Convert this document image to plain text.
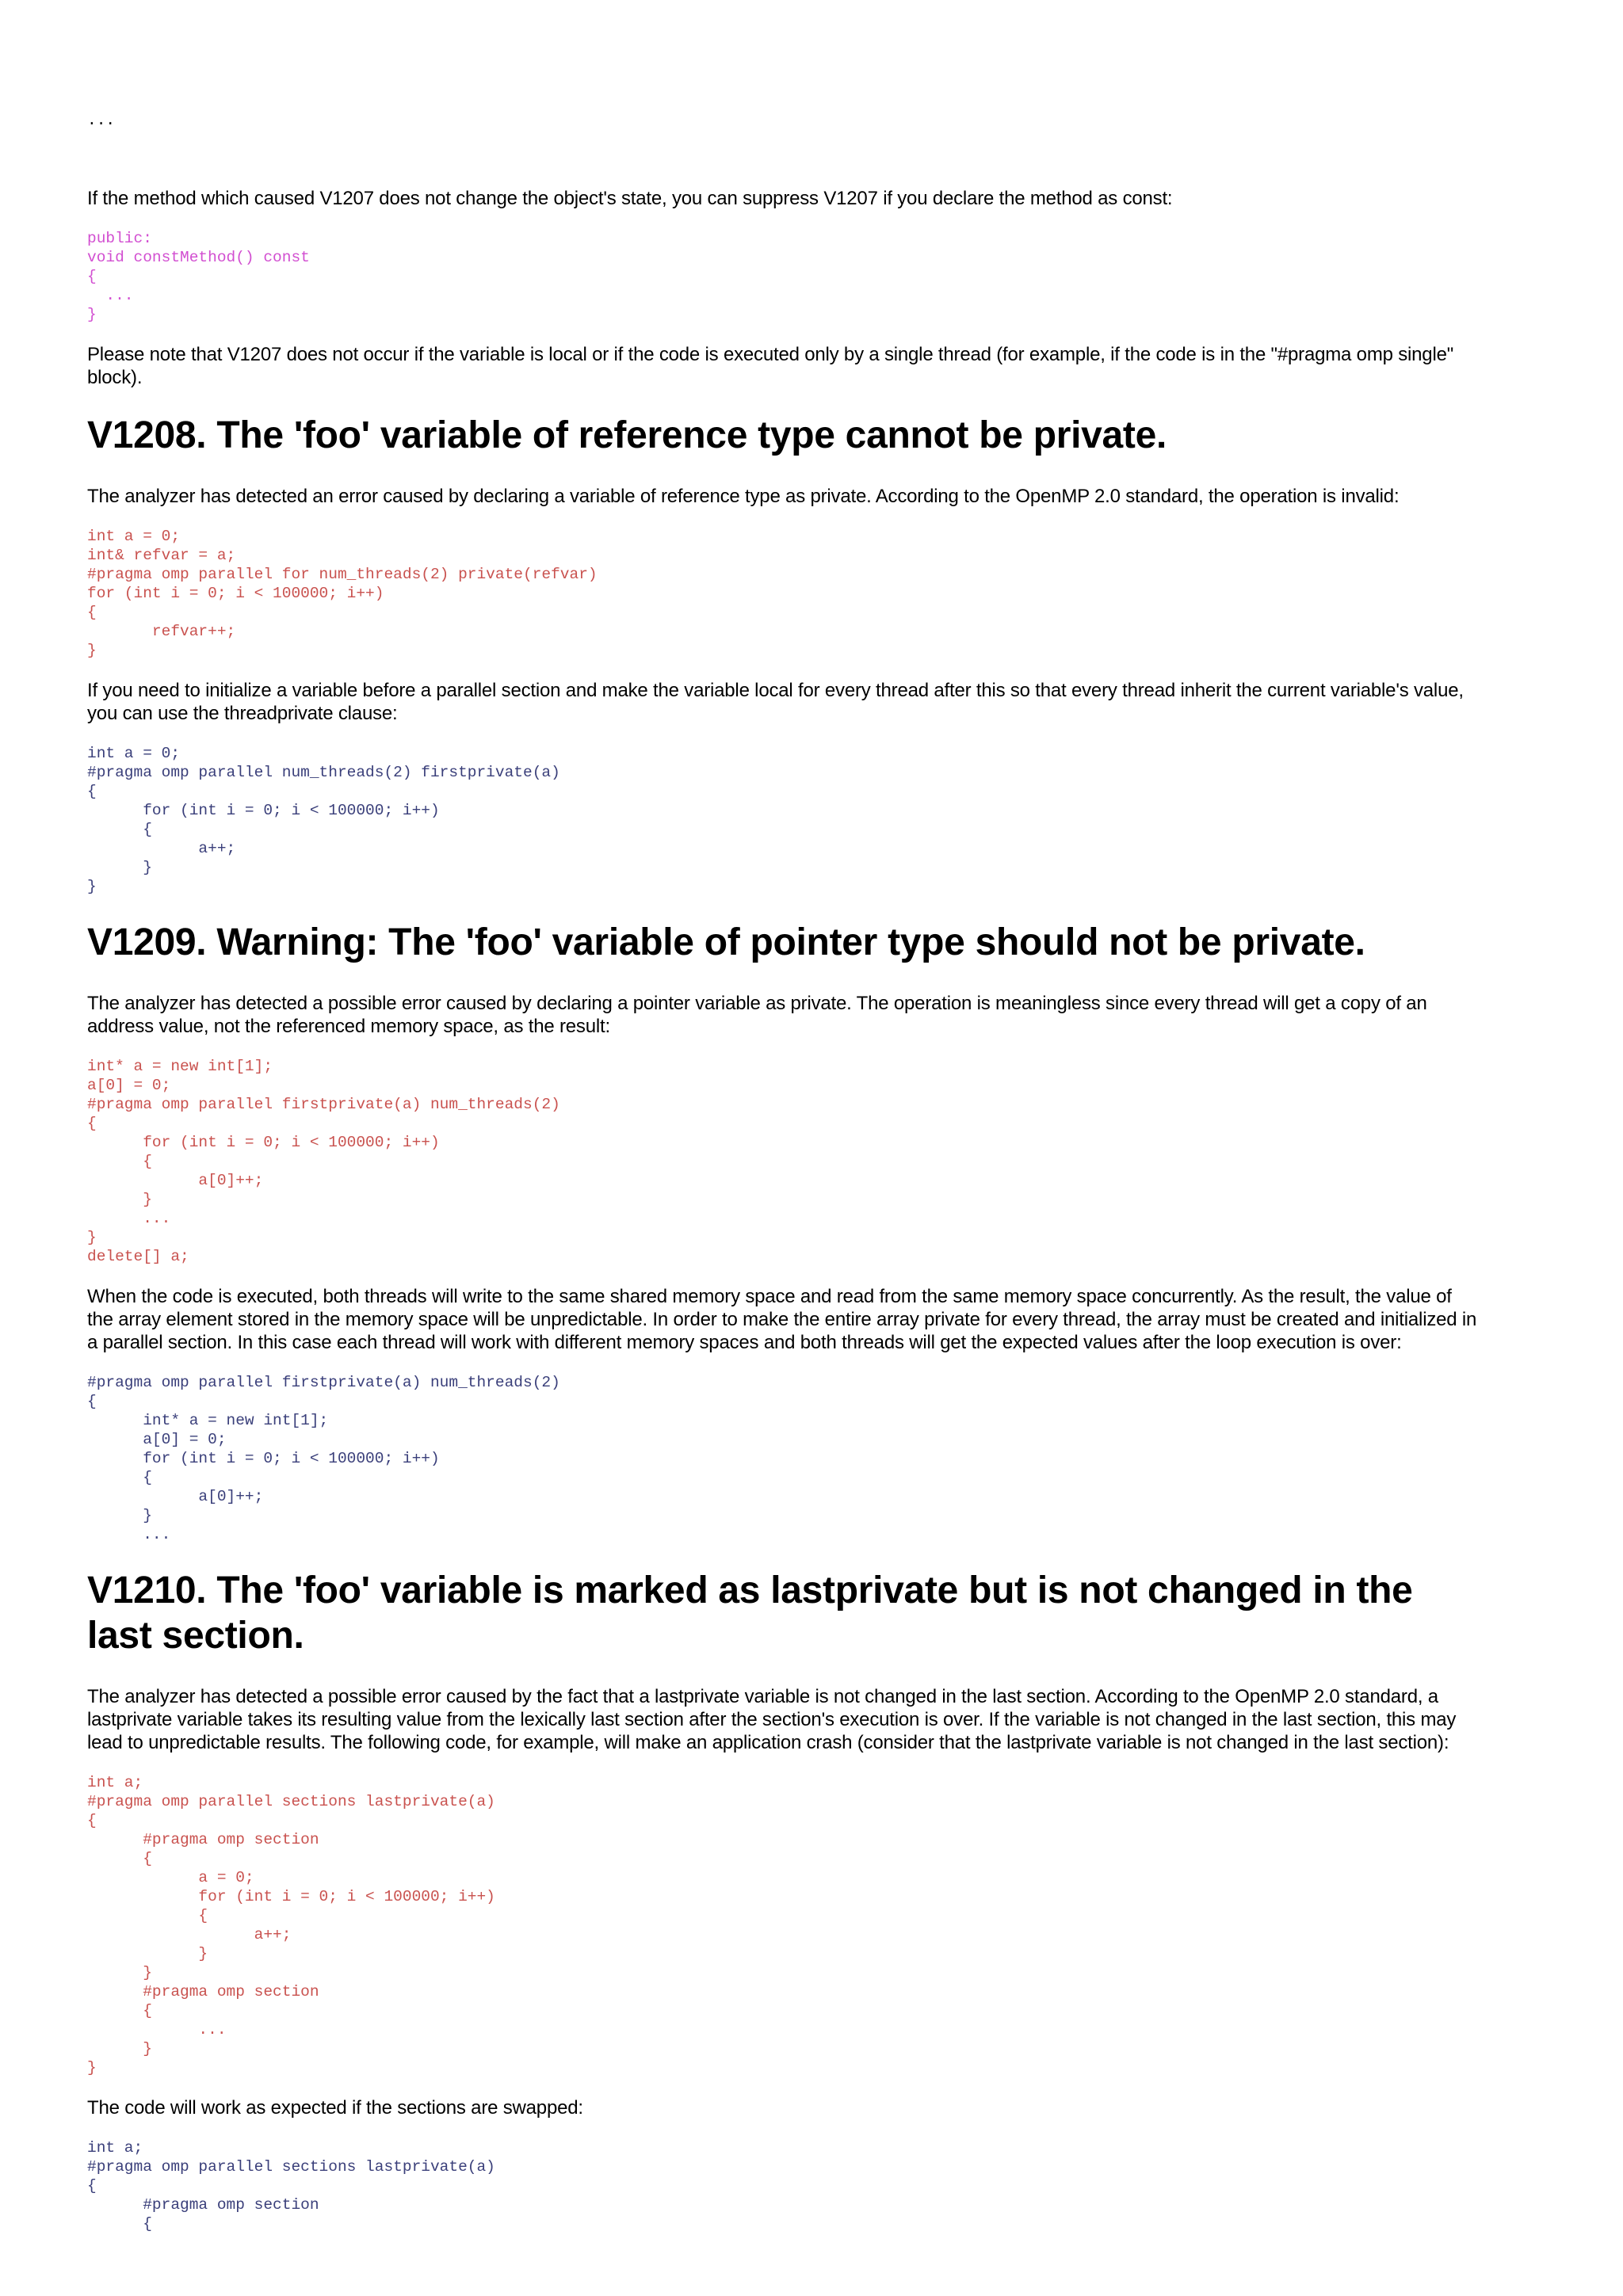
...

If the method which caused V1207 does not change the object's state, you can suppress V1207 if you declare the method as const:

public:
void constMethod() const
{
...
}

Please note that V1207 does not occur if the variable is local or if the code is executed only by a single thread (for example, if the code is in the "#pragma omp single" block).

V1208. The 'foo' variable of reference type cannot be private.

The analyzer has detected an error caused by declaring a variable of reference type as private. According to the OpenMP 2.0 standard, the operation is invalid:

int a = 0;
int& refvar = a;
#pragma omp parallel for num_threads(2) private(refvar)
for (int i = 0; i < 100000; i++)
{
refvar++;
}

If you need to initialize a variable before a parallel section and make the variable local for every thread after this so that every thread inherit the current variable's value, you can use the threadprivate clause:

int a = 0;
#pragma omp parallel num_threads(2) firstprivate(a)
{
for (int i = 0; i < 100000; i++)
{
a++;
}
}
V1209. Warning: The 'foo' variable of pointer type should not be private.

The analyzer has detected a possible error caused by declaring a pointer variable as private. The operation is meaningless since every thread will get a copy of an address value, not the referenced memory space, as the result:

int* a = new int[1];
a[0] = 0;
#pragma omp parallel firstprivate(a) num_threads(2)
{
for (int i = 0; i < 100000; i++)
{
a[0]++;
}
...
}
delete[] a;

When the code is executed, both threads will write to the same shared memory space and read from the same memory space concurrently. As the result, the value of the array element stored in the memory space will be unpredictable. In order to make the entire array private for every thread, the array must be created and initialized in a parallel section. In this case each thread will work with different memory spaces and both threads will get the expected values after the loop execution is over:

#pragma omp parallel firstprivate(a) num_threads(2)
{
int* a = new int[1];
a[0] = 0;
for (int i = 0; i < 100000; i++)
{
a[0]++;
}
...
V1210. The 'foo' variable is marked as lastprivate but is not changed in the last section.

The analyzer has detected a possible error caused by the fact that a lastprivate variable is not changed in the last section. According to the OpenMP 2.0 standard, a lastprivate variable takes its resulting value from the lexically last section after the section's execution is over. If the variable is not changed in the last section, this may lead to unpredictable results. The following code, for example, will make an application crash (consider that the lastprivate variable is not changed in the last section):

int a;
#pragma omp parallel sections lastprivate(a)
{
#pragma omp section
{
a = 0;
for (int i = 0; i < 100000; i++)
{
a++;
}
}
#pragma omp section
{
...
}
}

The code will work as expected if the sections are swapped:

int a;
#pragma omp parallel sections lastprivate(a)
{
#pragma omp section
{
